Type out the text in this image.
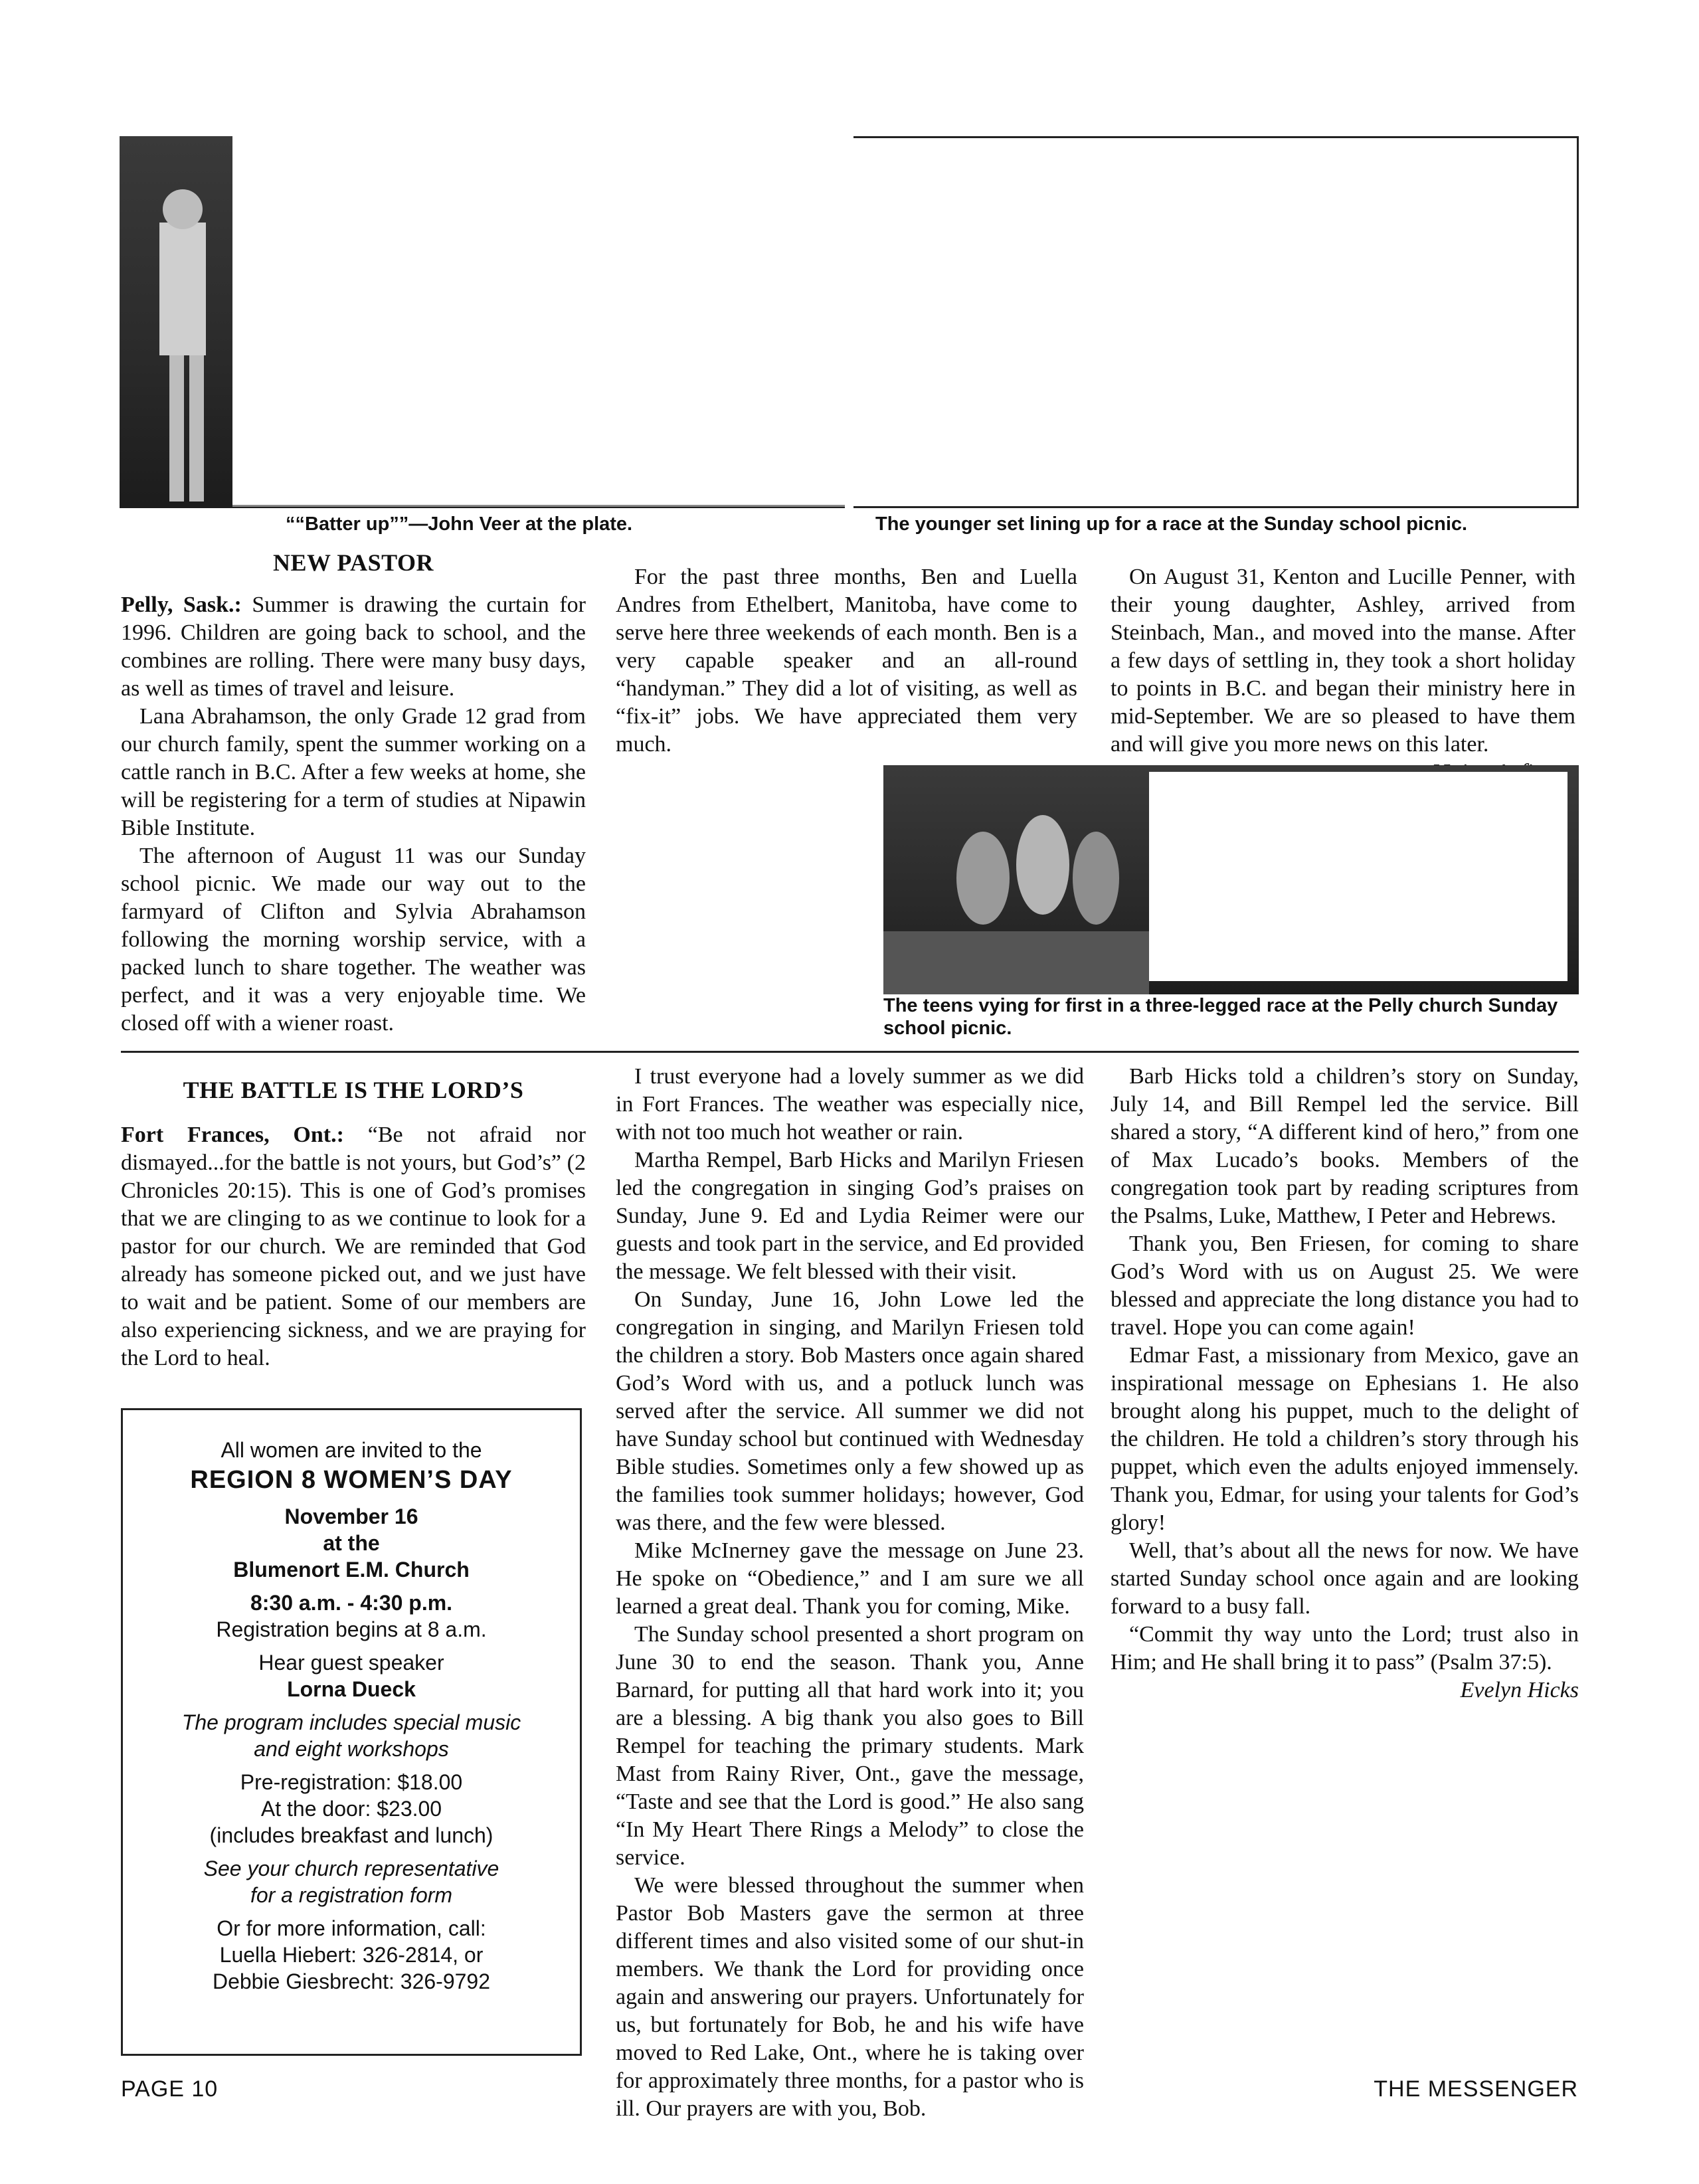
““Batter up””—John Veer at the plate.	The younger set lining up for a race at the Sunday school picnic.
NEW PASTOR

Pelly, Sask.: Summer is drawing the curtain for 1996. Children are going back to school, and the combines are rolling. There were many busy days, as well as times of travel and leisure.

Lana Abrahamson, the only Grade 12 grad from our church family, spent the summer working on a cattle ranch in B.C. After a few weeks at home, she will be registering for a term of studies at Nipawin Bible Institute.

The afternoon of August 11 was our Sunday school picnic. We made our way out to the farmyard of Clifton and Sylvia Abrahamson following the morning worship service, with a packed lunch to share together. The weather was perfect, and it was a very enjoyable time. We closed off with a wiener roast.

For the past three months, Ben and Luella Andres from Ethelbert, Manitoba, have come to serve here three weekends of each month. Ben is a very capable speaker and an all-round “handyman.” They did a lot of visiting, as well as “fix-it” jobs. We have appreciated them very much.

On August 31, Kenton and Lucille Penner, with their young daughter, Ashley, arrived from Steinbach, Man., and moved into the manse. After a few days of settling in, they took a short holiday to points in B.C. and began their ministry here in mid-September. We are so pleased to have them and will give you more news on this later.

The teens vying for first in a three-legged race at the Pelly church Sunday school picnic.
THE BATTLE IS THE LORD’S

Fort Frances, Ont.: “Be not afraid nor dismayed...for the battle is not yours, but God’s” (2 Chronicles 20:15). This is one of God’s promises that we are clinging to as we continue to look for a pastor for our church. We are reminded that God already has someone picked out, and we just have to wait and be patient. Some of our members are also experiencing sickness, and we are praying for the Lord to heal.

I trust everyone had a lovely summer as we did in Fort Frances. The weather was especially nice, with not too much hot weather or rain.

Martha Rempel, Barb Hicks and Marilyn Friesen led the congregation in singing God’s praises on Sunday, June 9. Ed and Lydia Reimer were our guests and took part in the service, and Ed provided the message. We felt blessed with their visit.

On Sunday, June 16, John Lowe led the congregation in singing, and Marilyn Friesen told the children a story. Bob Masters once again shared God’s Word with us, and a potluck lunch was served after the service. All summer we did not have Sunday school but continued with Wednesday Bible studies. Sometimes only a few showed up as the families took summer holidays; however, God was there, and the few were blessed.

Mike McInerney gave the message on June 23. He spoke on “Obedience,” and I am sure we all learned a great deal. Thank you for coming, Mike.

The Sunday school presented a short program on June 30 to end the season. Thank you, Anne Barnard, for putting all that hard work into it; you are a blessing. A big thank you also goes to Bill Rempel for teaching the primary students. Mark Mast from Rainy River, Ont., gave the message, “Taste and see that the Lord is good.” He also sang “In My Heart There Rings a Melody” to close the service.

We were blessed throughout the summer when Pastor Bob Masters gave the sermon at three different times and also visited some of our shut-in members. We thank the Lord for providing once again and answering our prayers. Unfortunately for us, but fortunately for Bob, he and his wife have moved to Red Lake, Ont., where he is taking over for approximately three months, for a pastor who is ill. Our prayers are with you, Bob.

Barb Hicks told a children’s story on Sunday, July 14, and Bill Rempel led the service. Bill shared a story, “A different kind of hero,” from one of Max Lucado’s books. Members of the congregation took part by reading scriptures from the Psalms, Luke, Matthew, I Peter and Hebrews.

Thank you, Ben Friesen, for coming to share God’s Word with us on August 25. We were blessed and appreciate the long distance you had to travel. Hope you can come again!

Edmar Fast, a missionary from Mexico, gave an inspirational message on Ephesians 1. He also brought along his puppet, much to the delight of the children. He told a children’s story through his puppet, which even the adults enjoyed immensely. Thank you, Edmar, for using your talents for God’s glory!

Well, that’s about all the news for now. We have started Sunday school once again and are looking forward to a busy fall.

“Commit thy way unto the Lord; trust also in Him; and He shall bring it to pass” (Psalm 37:5).

Evelyn Hicks

All women are invited to the
REGION 8 WOMEN’S DAY
November 16
at the
Blumenort E.M. Church
8:30 a.m. - 4:30 p.m.
Registration begins at 8 a.m.
Hear guest speaker
Lorna Dueck
The program includes special music
and eight workshops
Pre-registration: $18.00
At the door: $23.00
(includes breakfast and lunch)
See your church representative
for a registration form
Or for more information, call:
Luella Hiebert: 326-2814, or
Debbie Giesbrecht: 326-9792
PAGE 10	THE MESSENGER
